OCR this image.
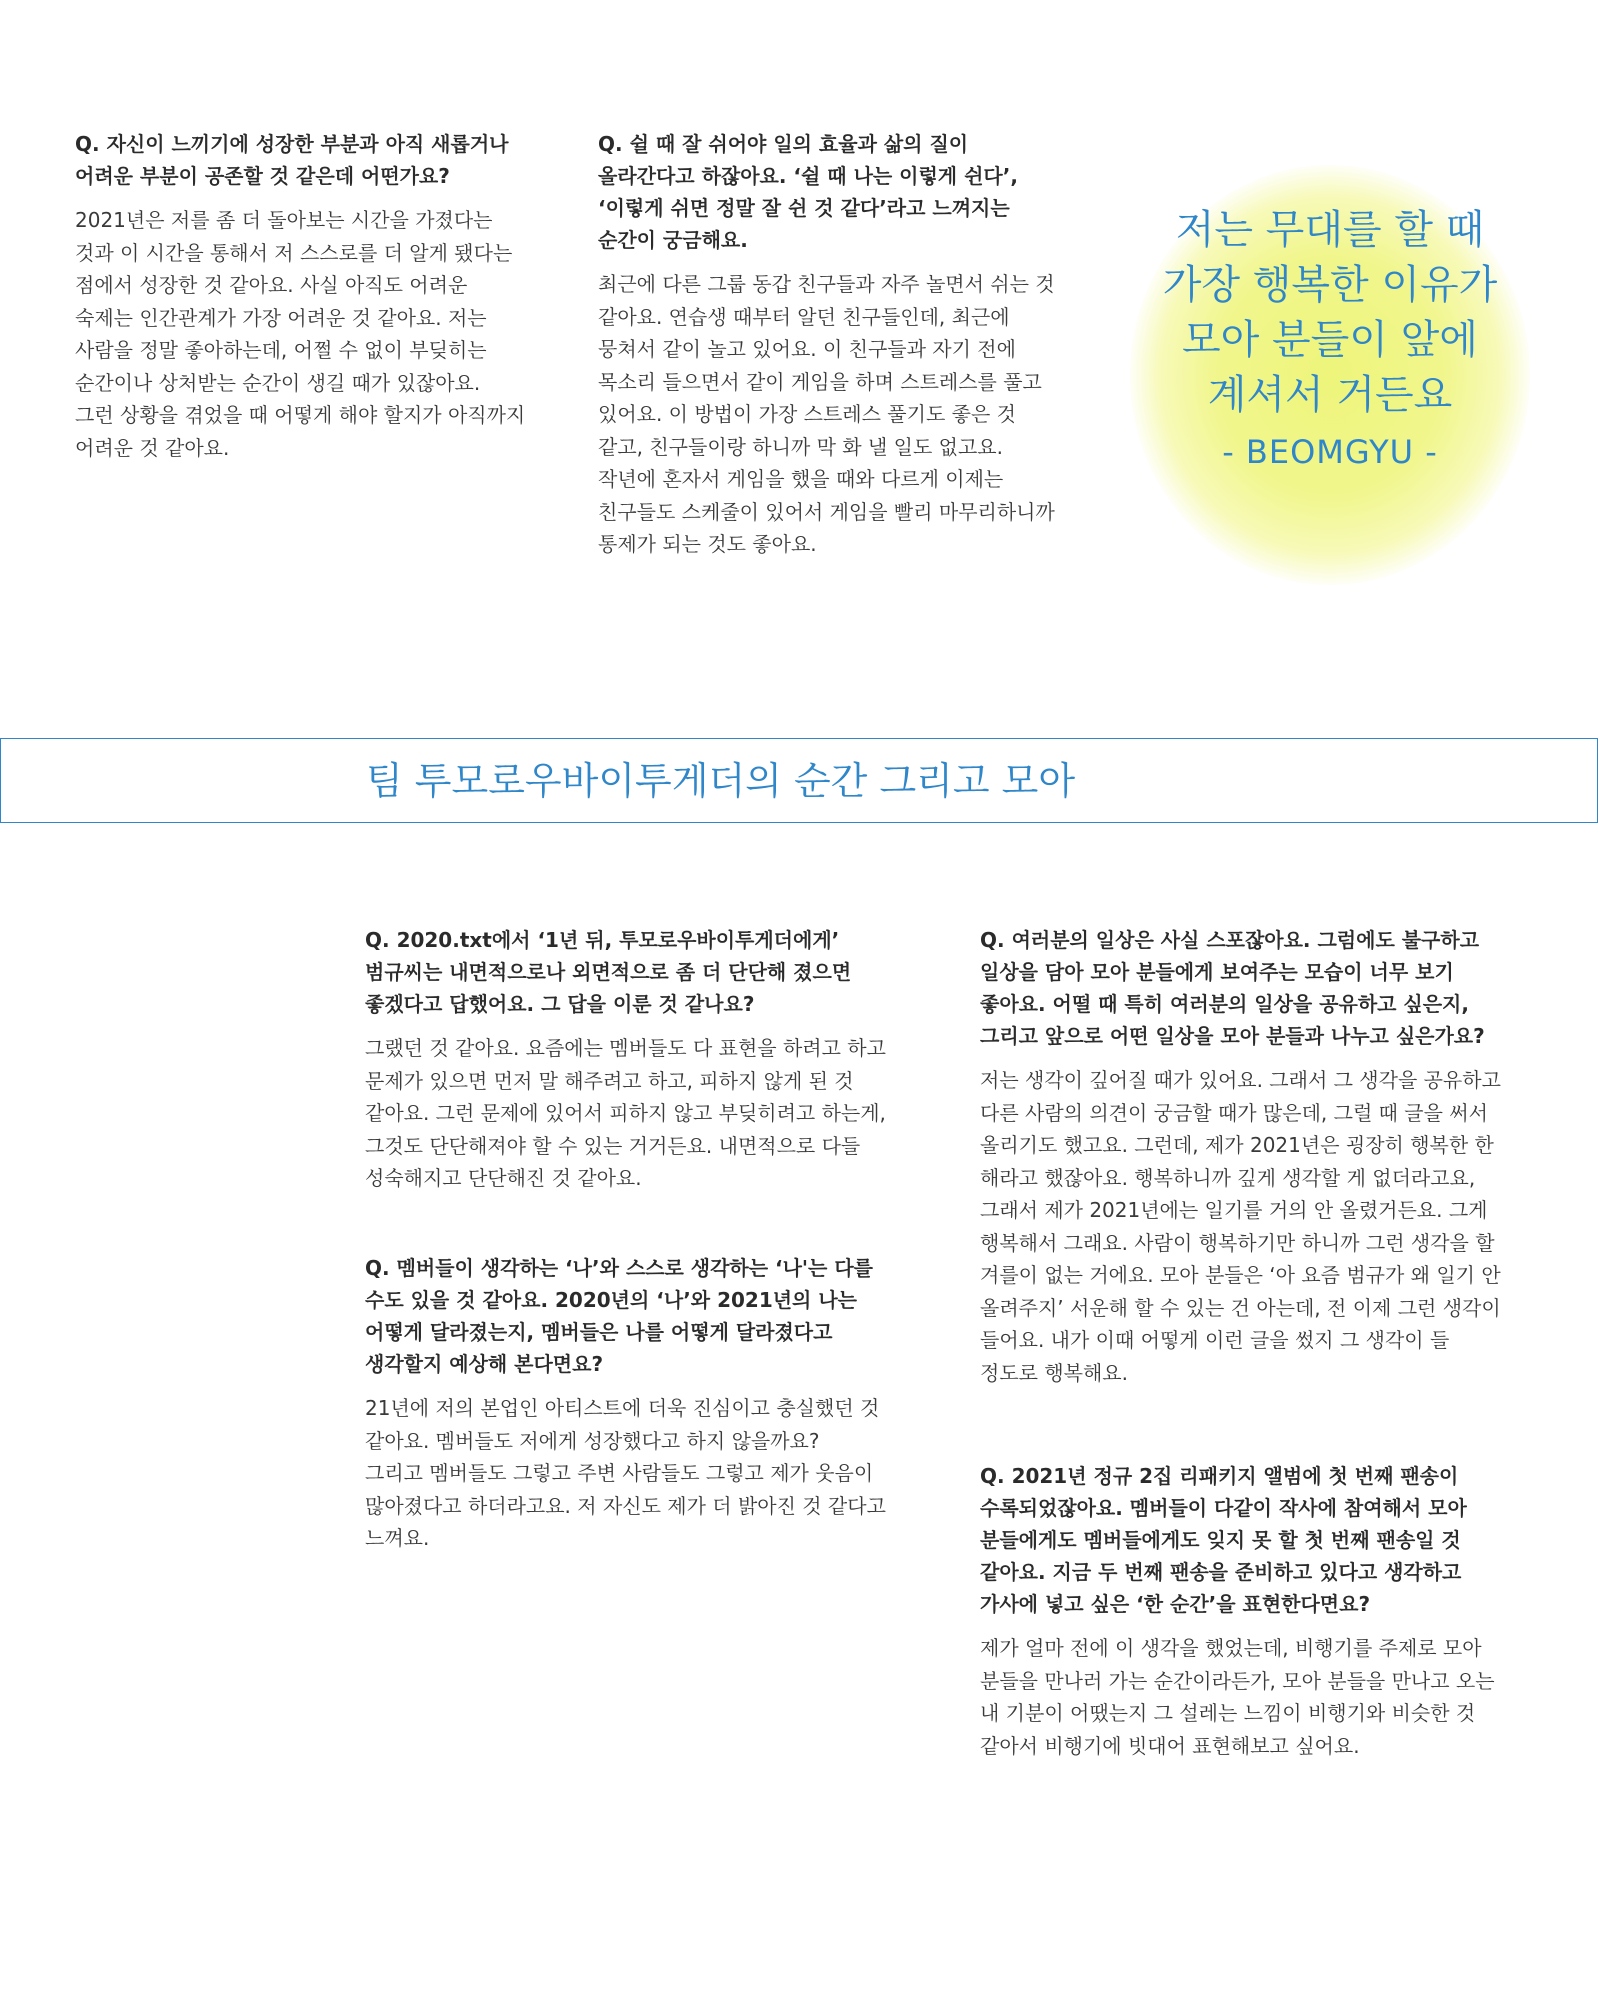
Q. 자신이 느끼기에 성장한 부분과 아직 새롭거나
어려운 부분이 공존할 것 같은데 어떤가요?

2021년은 저를 좀 더 돌아보는 시간을 가졌다는
것과 이 시간을 통해서 저 스스로를 더 알게 됐다는
점에서 성장한 것 같아요. 사실 아직도 어려운
숙제는 인간관계가 가장 어려운 것 같아요. 저는
사람을 정말 좋아하는데, 어쩔 수 없이 부딪히는
순간이나 상처받는 순간이 생길 때가 있잖아요.
그런 상황을 겪었을 때 어떻게 해야 할지가 아직까지
어려운 것 같아요.

Q. 쉴 때 잘 쉬어야 일의 효율과 삶의 질이
올라간다고 하잖아요. ‘쉴 때 나는 이렇게 쉰다’,
‘이렇게 쉬면 정말 잘 쉰 것 같다’라고 느껴지는
순간이 궁금해요.

최근에 다른 그룹 동갑 친구들과 자주 놀면서 쉬는 것
같아요. 연습생 때부터 알던 친구들인데, 최근에
뭉쳐서 같이 놀고 있어요. 이 친구들과 자기 전에
목소리 들으면서 같이 게임을 하며 스트레스를 풀고
있어요. 이 방법이 가장 스트레스 풀기도 좋은 것
같고, 친구들이랑 하니까 막 화 낼 일도 없고요.
작년에 혼자서 게임을 했을 때와 다르게 이제는
친구들도 스케줄이 있어서 게임을 빨리 마무리하니까
통제가 되는 것도 좋아요.

저는 무대를 할 때
가장 행복한 이유가
모아 분들이 앞에
계셔서 거든요

- BEOMGYU -

팀 투모로우바이투게더의 순간 그리고 모아

Q. 2020.txt에서 ‘1년 뒤, 투모로우바이투게더에게’
범규씨는 내면적으로나 외면적으로 좀 더 단단해 졌으면
좋겠다고 답했어요. 그 답을 이룬 것 같나요?

그랬던 것 같아요. 요즘에는 멤버들도 다 표현을 하려고 하고
문제가 있으면 먼저 말 해주려고 하고, 피하지 않게 된 것
같아요. 그런 문제에 있어서 피하지 않고 부딪히려고 하는게,
그것도 단단해져야 할 수 있는 거거든요. 내면적으로 다들
성숙해지고 단단해진 것 같아요.

Q. 멤버들이 생각하는 ‘나’와 스스로 생각하는 ‘나'는 다를
수도 있을 것 같아요. 2020년의 ‘나’와 2021년의 나는
어떻게 달라졌는지, 멤버들은 나를 어떻게 달라졌다고
생각할지 예상해 본다면요?

21년에 저의 본업인 아티스트에 더욱 진심이고 충실했던 것
같아요. 멤버들도 저에게 성장했다고 하지 않을까요?
그리고 멤버들도 그렇고 주변 사람들도 그렇고 제가 웃음이
많아졌다고 하더라고요. 저 자신도 제가 더 밝아진 것 같다고
느껴요.

Q. 여러분의 일상은 사실 스포잖아요. 그럼에도 불구하고
일상을 담아 모아 분들에게 보여주는 모습이 너무 보기
좋아요. 어떨 때 특히 여러분의 일상을 공유하고 싶은지,
그리고 앞으로 어떤 일상을 모아 분들과 나누고 싶은가요?

저는 생각이 깊어질 때가 있어요. 그래서 그 생각을 공유하고
다른 사람의 의견이 궁금할 때가 많은데, 그럴 때 글을 써서
올리기도 했고요. 그런데, 제가 2021년은 굉장히 행복한 한
해라고 했잖아요. 행복하니까 깊게 생각할 게 없더라고요,
그래서 제가 2021년에는 일기를 거의 안 올렸거든요. 그게
행복해서 그래요. 사람이 행복하기만 하니까 그런 생각을 할
겨를이 없는 거에요. 모아 분들은 ‘아 요즘 범규가 왜 일기 안
올려주지’ 서운해 할 수 있는 건 아는데, 전 이제 그런 생각이
들어요. 내가 이때 어떻게 이런 글을 썼지 그 생각이 들
정도로 행복해요.

Q. 2021년 정규 2집 리패키지 앨범에 첫 번째 팬송이
수록되었잖아요. 멤버들이 다같이 작사에 참여해서 모아
분들에게도 멤버들에게도 잊지 못 할 첫 번째 팬송일 것
같아요. 지금 두 번째 팬송을 준비하고 있다고 생각하고
가사에 넣고 싶은 ‘한 순간’을 표현한다면요?

제가 얼마 전에 이 생각을 했었는데, 비행기를 주제로 모아
분들을 만나러 가는 순간이라든가, 모아 분들을 만나고 오는
내 기분이 어땠는지 그 설레는 느낌이 비행기와 비슷한 것
같아서 비행기에 빗대어 표현해보고 싶어요.
